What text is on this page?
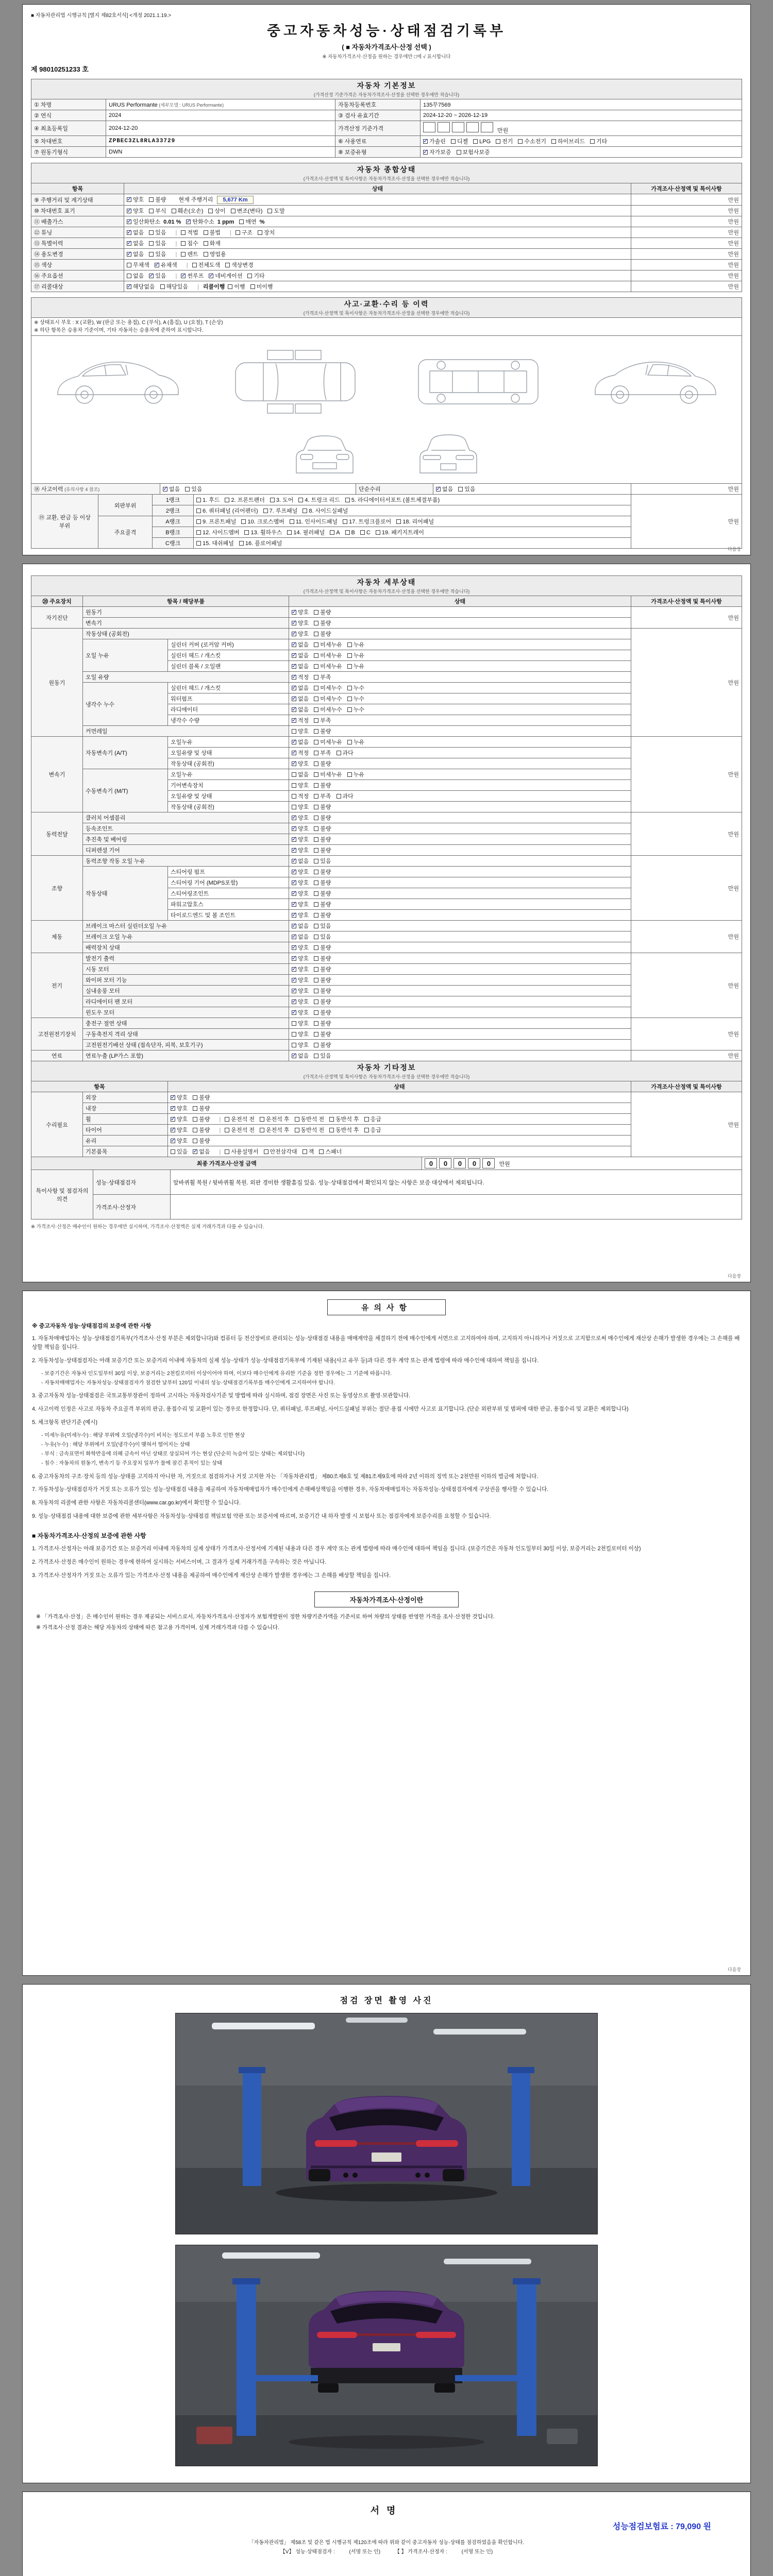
■ 자동차관리법 시행규칙 [별지 제82호서식] <개정 2021.1.19.>
중고자동차성능·상태점검기록부
( ■ 자동차가격조사·산정 선택 )
※ 자동차가격조사·산정을 원하는 경우에만 □에 √ 표시합니다
제 98010251233 호
자동차 기본정보
(가격산정 기준가격은 자동차가격조사·산정을 선택한 경우에만 적습니다)			

① 차명	URUS Performante (세부모델 : URUS Performante)	자동차등록번호	135무7569
② 연식	2024	③ 검사 유효기간	2024-12-20 ~ 2026-12-19
④ 최초등록일	2024-12-20	가격산정 기준가격	만원
⑤ 차대번호	ZPBEC3ZL8RLA33729	⑥ 사용연료	✓가솔린 디젤 LPG 전기 수소전기 하이브리드 기타
⑦ 원동기형식	DWN	⑧ 보증유형	✓자가보증 보험사보증
자동차 종합상태
(가격조사·산정액 및 특이사항은 자동차가격조사·산정을 선택한 경우에만 적습니다)		

항목	상태	가격조사·산정액 및 특이사항
⑨ 주행거리 및 계기상태	✓양호 불량 현재 주행거리 5,677 Km	만원
⑩ 차대번호 표기	✓양호 부식 훼손(오손) 상이 변조(변타) 도말	만원
⑪ 배출가스	✓일산화탄소 0.01 % ✓ 탄화수소 1 ppm 매연 %	만원
⑫ 튜닝	✓없음 있음 | 적법 불법 | 구조 장치	만원
⑬ 특별이력	✓없음 있음 | 침수 화재	만원
⑭ 용도변경	✓없음 있음 | 렌트 영업용	만원
⑮ 색상	무채색 ✓ 유채색 | 전체도색 색상변경	만원
⑯ 주요옵션	없음 ✓ 있음 | ✓ 썬루프 ✓ 네비게이션 기타	만원
⑰ 리콜대상	✓해당없음 해당있음 | 리콜이행 이행 미이행	만원
사고·교환·수리 등 이력
(가격조사·산정액 및 특이사항은 자동차가격조사·산정을 선택한 경우에만 적습니다)

※ 상태표시 부호 : X (교환), W (판금 또는 용접), C (부식), A (흠집), U (요철), T (손상)
※ 하단 항목은 승용차 기준이며, 기타 자동차는 승용차에 준하여 표시합니다.

⑱ 사고이력 (유의사항 4 참조)	✓없음 있음	단순수리	✓없음 있음	만원
⑲ 교환, 판금 등 이상 부위	외판부위	1랭크	1. 후드 2. 프론트펜더 3. 도어 4. 트렁크 리드 5. 라디에이터서포트 (볼트체결부품)	만원
		2랭크	6. 쿼터패널 (리어펜더) 7. 루프패널 8. 사이드실패널	
	주요골격	A랭크	9. 프론트패널 10. 크로스멤버 11. 인사이드패널 17. 트렁크플로어 18. 리어패널	
		B랭크	12. 사이드멤버 13. 휠하우스 14. 필러패널 A B C 19. 패키지트레이	
		C랭크	15. 대쉬패널 16. 플로어패널	
다음장
자동차 세부상태
(가격조사·산정액 및 특이사항은 자동차가격조사·산정을 선택한 경우에만 적습니다)				

⑳ 주요장치	항목 / 해당부품		상태	가격조사·산정액 및 특이사항
자기진단	원동기	✓양호 불량	만원
	변속기	✓양호 불량
원동기	작동상태 (공회전)	✓양호 불량	만원
	오일 누유	실린더 커버 (로커암 커버)	✓없음 미세누유 누유
		실린더 헤드 / 개스킷	✓없음 미세누유 누유
		실린더 블록 / 오일팬	✓없음 미세누유 누유
	오일 유량	✓적정 부족
	냉각수 누수	실린더 헤드 / 개스킷	✓없음 미세누수 누수
		워터펌프	✓없음 미세누수 누수
		라디에이터	✓없음 미세누수 누수
		냉각수 수량	✓적정 부족
	커먼레일		양호 불량	
변속기	자동변속기 (A/T)	오일누유	✓없음 미세누유 누유	만원
		오일유량 및 상태	✓적정 부족 과다
		작동상태 (공회전)	✓양호 불량
	수동변속기 (M/T)	오일누유	없음 미세누유 누유	
		기어변속장치	양호 불량	
		오일유량 및 상태	적정 부족 과다	
		작동상태 (공회전)	양호 불량	
동력전달	클러치 어셈블리	✓양호 불량	만원
	등속조인트	✓양호 불량
	추진축 및 베어링	✓양호 불량
	디퍼렌셜 기어	✓양호 불량
조향	동력조향 작동 오일 누유	✓없음 있음	만원
	작동상태	스티어링 펌프	✓양호 불량
		스티어링 기어 (MDPS포함)	✓양호 불량
		스티어링조인트	✓양호 불량
		파워고압호스	✓양호 불량
		타이로드엔드 및 볼 조인트	✓양호 불량
제동	브레이크 마스터 실린더오일 누유	✓없음 있음	만원
	브레이크 오일 누유	✓없음 있음
	배력장치 상태	✓양호 불량
전기	발전기 출력	✓양호 불량	만원
	시동 모터	✓양호 불량
	와이퍼 모터 기능	✓양호 불량
	실내송풍 모터	✓양호 불량
	라디에이터 팬 모터	✓양호 불량
	윈도우 모터	✓양호 불량
고전원전기장치	충전구 절연 상태		양호 불량	만원
	구동축전지 격리 상태		양호 불량	
	고전원전기배선 상태 (접속단자, 피복, 보호기구)		양호 불량	
연료	연료누출 (LP가스 포함)	✓없음 있음	만원
자동차 기타정보
(가격조사·산정액 및 특이사항은 자동차가격조사·산정을 선택한 경우에만 적습니다)			

항목		상태	가격조사·산정액 및 특이사항
수리필요	외장	✓양호 불량	만원
	내장	✓양호 불량
	휠	✓양호 불량 | 운전석 전 운전석 후 동반석 전 동반석 후 응급
	타이어	✓양호 불량 | 운전석 전 운전석 후 동반석 전 동반석 후 응급
	유리	✓양호 불량
	기본품목	있음 ✓ 없음 | 사용설명서 안전삼각대 잭 스패너
최종 가격조사·산정 금액	0 0 0 0 0 만원
특이사항 및 점검자의 의견	성능·상태점검자	앞바퀴휠 복원 / 뒷바퀴휠 복원. 외판 경미한 생활흠집 있음. 성능·상태점검에서 확인되지 않는 사항은 보증 대상에서 제외됩니다.
	가격조사·산정자	
※ 가격조사·산정은 매수인이 원하는 경우에만 실시하며, 가격조사·산정액은 실제 거래가격과 다를 수 있습니다.
다음장
유의사항
※ 중고자동차 성능·상태점검의 보증에 관한 사항
1. 자동차매매업자는 성능·상태점검기록부(가격조사·산정 부분은 제외합니다)와 컴퓨터 등 전산장비로 관리되는 성능·상태점검 내용을 매매계약을 체결하기 전에 매수인에게 서면으로 고지하여야 하며, 고지하지 아니하거나 거짓으로 고지함으로써 매수인에게 재산상 손해가 발생한 경우에는 그 손해를 배상할 책임을 집니다.
2. 자동차성능·상태점검자는 아래 보증기간 또는 보증거리 이내에 자동차의 실제 성능·상태가 성능·상태점검기록부에 기재된 내용(사고 유무 등)과 다른 경우 계약 또는 관계 법령에 따라 매수인에 대하여 책임을 집니다.
- 보증기간은 자동차 인도일부터 30일 이상, 보증거리는 2천킬로미터 이상이어야 하며, 이보다 매수인에게 유리한 기준을 정한 경우에는 그 기준에 따릅니다.
- 자동차매매업자는 자동차성능·상태점검자가 점검한 날부터 120일 이내의 성능·상태점검기록부를 매수인에게 고지하여야 합니다.
3. 중고자동차 성능·상태점검은 국토교통부장관이 정하여 고시하는 자동차검사기준 및 방법에 따라 실시하며, 점검 장면은 사진 또는 동영상으로 촬영·보관합니다.
4. 사고이력 인정은 사고로 자동차 주요골격 부위의 판금, 용접수리 및 교환이 있는 경우로 한정합니다. 단, 쿼터패널, 루프패널, 사이드실패널 부위는 절단·용접 시에만 사고로 표기합니다. (단순 외판부위 및 범퍼에 대한 판금, 용접수리 및 교환은 제외합니다)
5. 체크항목 판단기준 (예시)
- 미세누유(미세누수) : 해당 부위에 오일(냉각수)이 비치는 정도로서 부품 노후로 인한 현상
- 누유(누수) : 해당 부위에서 오일(냉각수)이 맺혀서 떨어지는 상태
- 부식 : 금속표면이 화학반응에 의해 금속이 아닌 상태로 상실되어 가는 현상 (단순히 녹슬어 있는 상태는 제외합니다)
- 침수 : 자동차의 원동기, 변속기 등 주요장치 일부가 물에 잠긴 흔적이 있는 상태
6. 중고자동차의 구조·장치 등의 성능·상태를 고지하지 아니한 자, 거짓으로 점검하거나 거짓 고지한 자는 「자동차관리법」 제80조제6호 및 제81조제9호에 따라 2년 이하의 징역 또는 2천만원 이하의 벌금에 처합니다.
7. 자동차성능·상태점검자가 거짓 또는 오류가 있는 성능·상태점검 내용을 제공하여 자동차매매업자가 매수인에게 손해배상책임을 이행한 경우, 자동차매매업자는 자동차성능·상태점검자에게 구상권을 행사할 수 있습니다.
8. 자동차의 리콜에 관한 사항은 자동차리콜센터(www.car.go.kr)에서 확인할 수 있습니다.
9. 성능·상태점검 내용에 대한 보증에 관한 세부사항은 자동차성능·상태점검 책임보험 약관 또는 보증서에 따르며, 보증기간 내 하자 발생 시 보험사 또는 점검자에게 보증수리를 요청할 수 있습니다.
■ 자동차가격조사·산정의 보증에 관한 사항
1. 가격조사·산정자는 아래 보증기간 또는 보증거리 이내에 자동차의 실제 상태가 가격조사·산정서에 기재된 내용과 다른 경우 계약 또는 관계 법령에 따라 매수인에 대하여 책임을 집니다. (보증기간은 자동차 인도일부터 30일 이상, 보증거리는 2천킬로미터 이상)
2. 가격조사·산정은 매수인이 원하는 경우에 한하여 실시하는 서비스이며, 그 결과가 실제 거래가격을 구속하는 것은 아닙니다.
3. 가격조사·산정자가 거짓 또는 오류가 있는 가격조사·산정 내용을 제공하여 매수인에게 재산상 손해가 발생한 경우에는 그 손해를 배상할 책임을 집니다.
자동차가격조사·산정이란
※ 「가격조사·산정」은 매수인이 원하는 경우 제공되는 서비스로서, 자동차가격조사·산정자가 보험개발원이 정한 차량기준가액을 기준서로 하여 차량의 상태를 반영한 가격을 조사·산정한 것입니다.
※ 가격조사·산정 결과는 해당 자동차의 상태에 따른 참고용 가격이며, 실제 거래가격과 다를 수 있습니다.
다음장
점검 장면 촬영 사진
서명
성능점검보험료 : 79,090 원
「자동차관리법」 제58조 및 같은 법 시행규칙 제120조에 따라 위와 같이 중고자동차 성능·상태를 점검하였음을 확인합니다.
【V】 성능·상태점검자 :          (서명 또는 인)          【 】 가격조사·산정자 :          (서명 또는 인)
